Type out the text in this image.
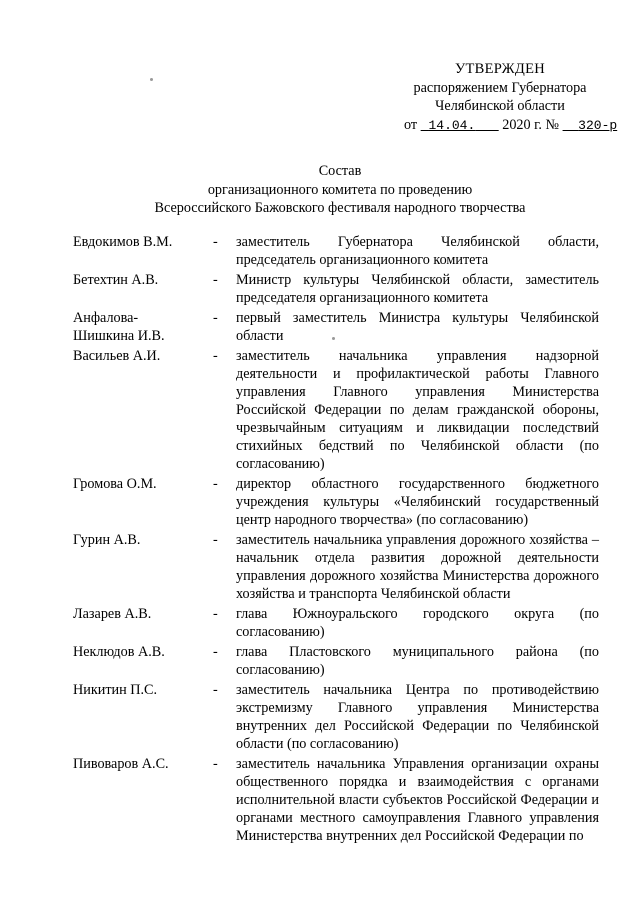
УТВЕРЖДЕН
распоряжением Губернатора
Челябинской области
от 14.04. 2020 г. № 320-р
Состав
организационного комитета по проведению
Всероссийского Бажовского фестиваля народного творчества
Евдокимов В.М.	-	заместитель Губернатора Челябинской области, председатель организационного комитета
Бетехтин А.В.	-	Министр культуры Челябинской области, заместитель председателя организационного комитета
Анфалова-
Шишкина И.В.	-	первый заместитель Министра культуры Челябинской области
Васильев А.И.	-	заместитель начальника управления надзорной деятельности и профилактической работы Главного управления Главного управления Министерства Российской Федерации по делам гражданской обороны, чрезвычайным ситуациям и ликвидации последствий стихийных бедствий по Челябинской области (по согласованию)
Громова О.М.	-	директор областного государственного бюджетного учреждения культуры «Челябинский государственный центр народного творчества» (по согласованию)
Гурин А.В.	-	заместитель начальника управления дорожного хозяйства – начальник отдела развития дорожной деятельности управления дорожного хозяйства Министерства дорожного хозяйства и транспорта Челябинской области
Лазарев А.В.	-	глава Южноуральского городского округа (по согласованию)
Неклюдов А.В.	-	глава Пластовского муниципального района (по согласованию)
Никитин П.С.	-	заместитель начальника Центра по противодействию экстремизму Главного управления Министерства внутренних дел Российской Федерации по Челябинской области (по согласованию)
Пивоваров А.С.	-	заместитель начальника Управления организации охраны общественного порядка и взаимодействия с органами исполнительной власти субъектов Российской Федерации и органами местного самоуправления Главного управления Министерства внутренних дел Российской Федерации по
